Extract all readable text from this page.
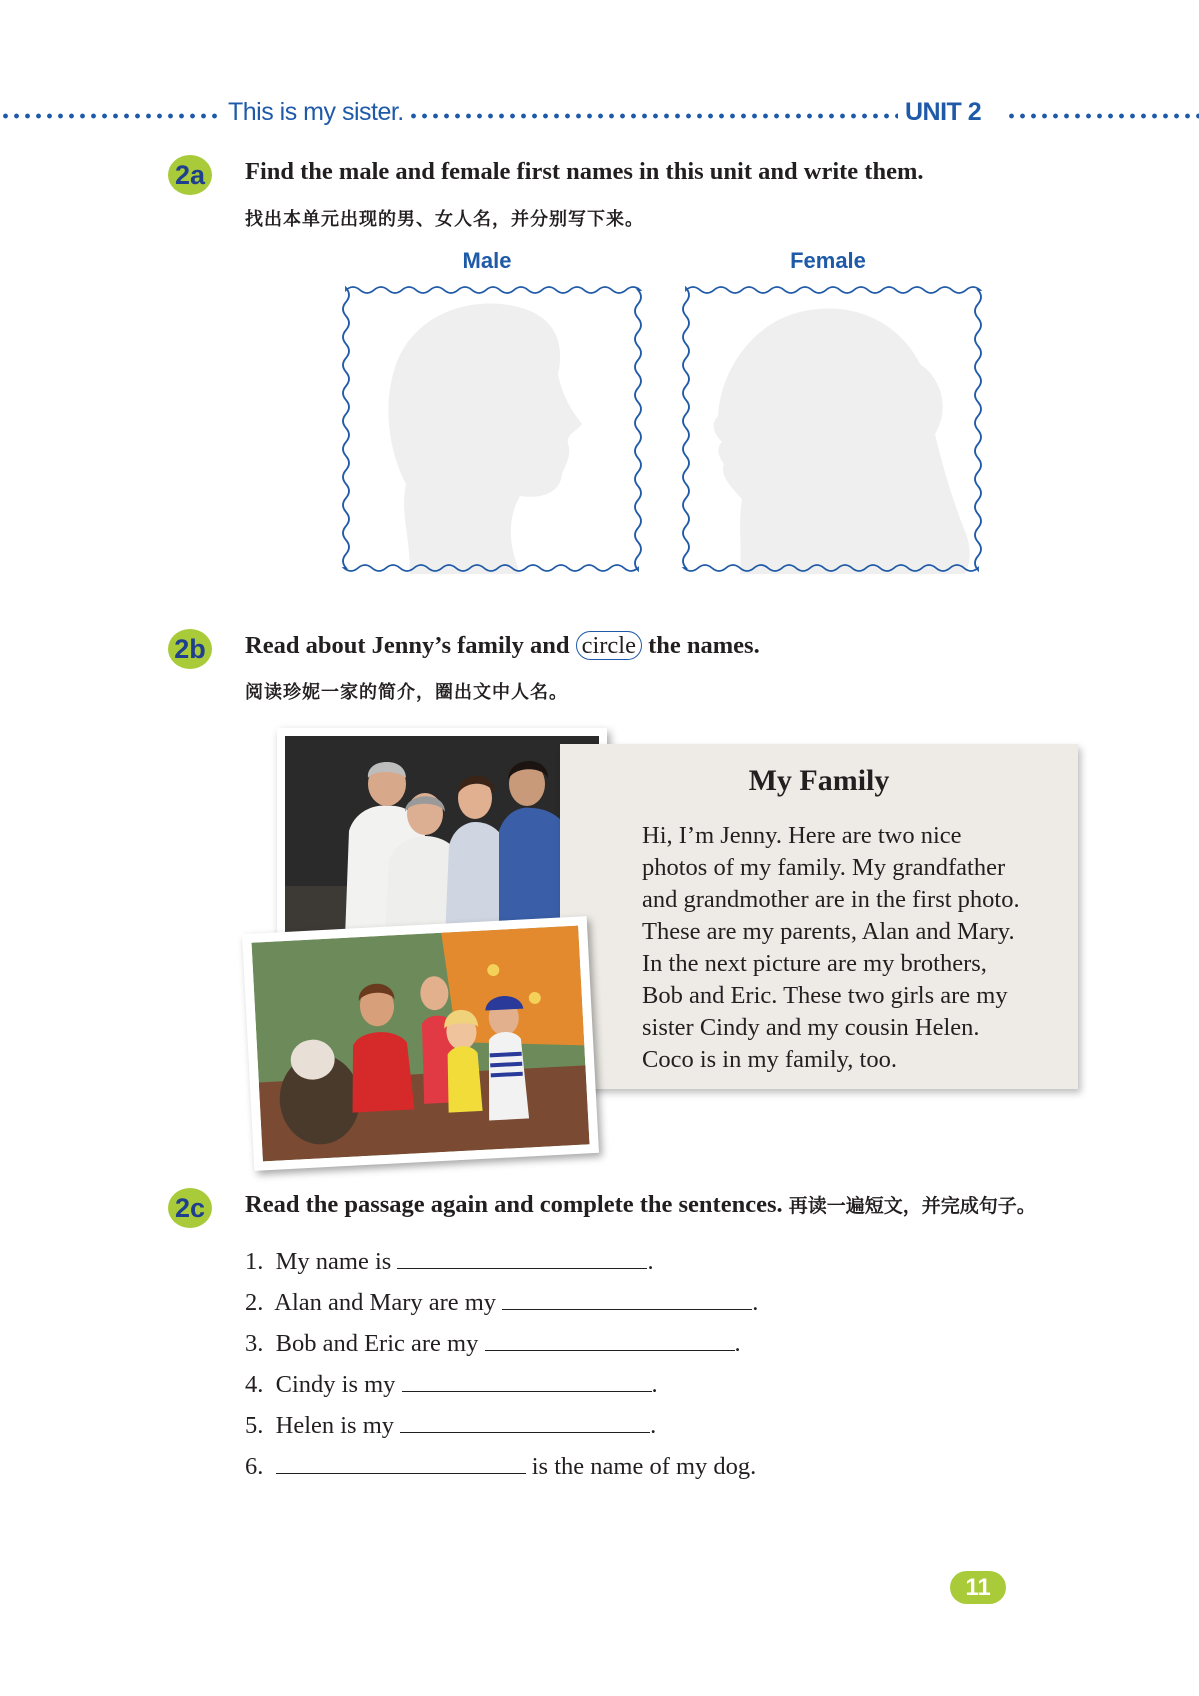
This is my sister.	UNIT 2
2a Find the male and female first names in this unit and write them.
找出本单元出现的男、女人名，并分别写下来。
Male	Female
2b Read about Jenny’s family and circle the names.
阅读珍妮一家的简介，圈出文中人名。
My Family
Hi, I’m Jenny. Here are two nice
photos of my family. My grandfather
and grandmother are in the first photo.
These are my parents, Alan and Mary.
In the next picture are my brothers,
Bob and Eric. These two girls are my
sister Cindy and my cousin Helen.
Coco is in my family, too.
2c Read the passage again and complete the sentences. 再读一遍短文，并完成句子。
1. My name is	.
2. Alan and Mary are my	.
3. Bob and Eric are my	.
4. Cindy is my	.
5. Helen is my	.
6.	is the name of my dog.
11
